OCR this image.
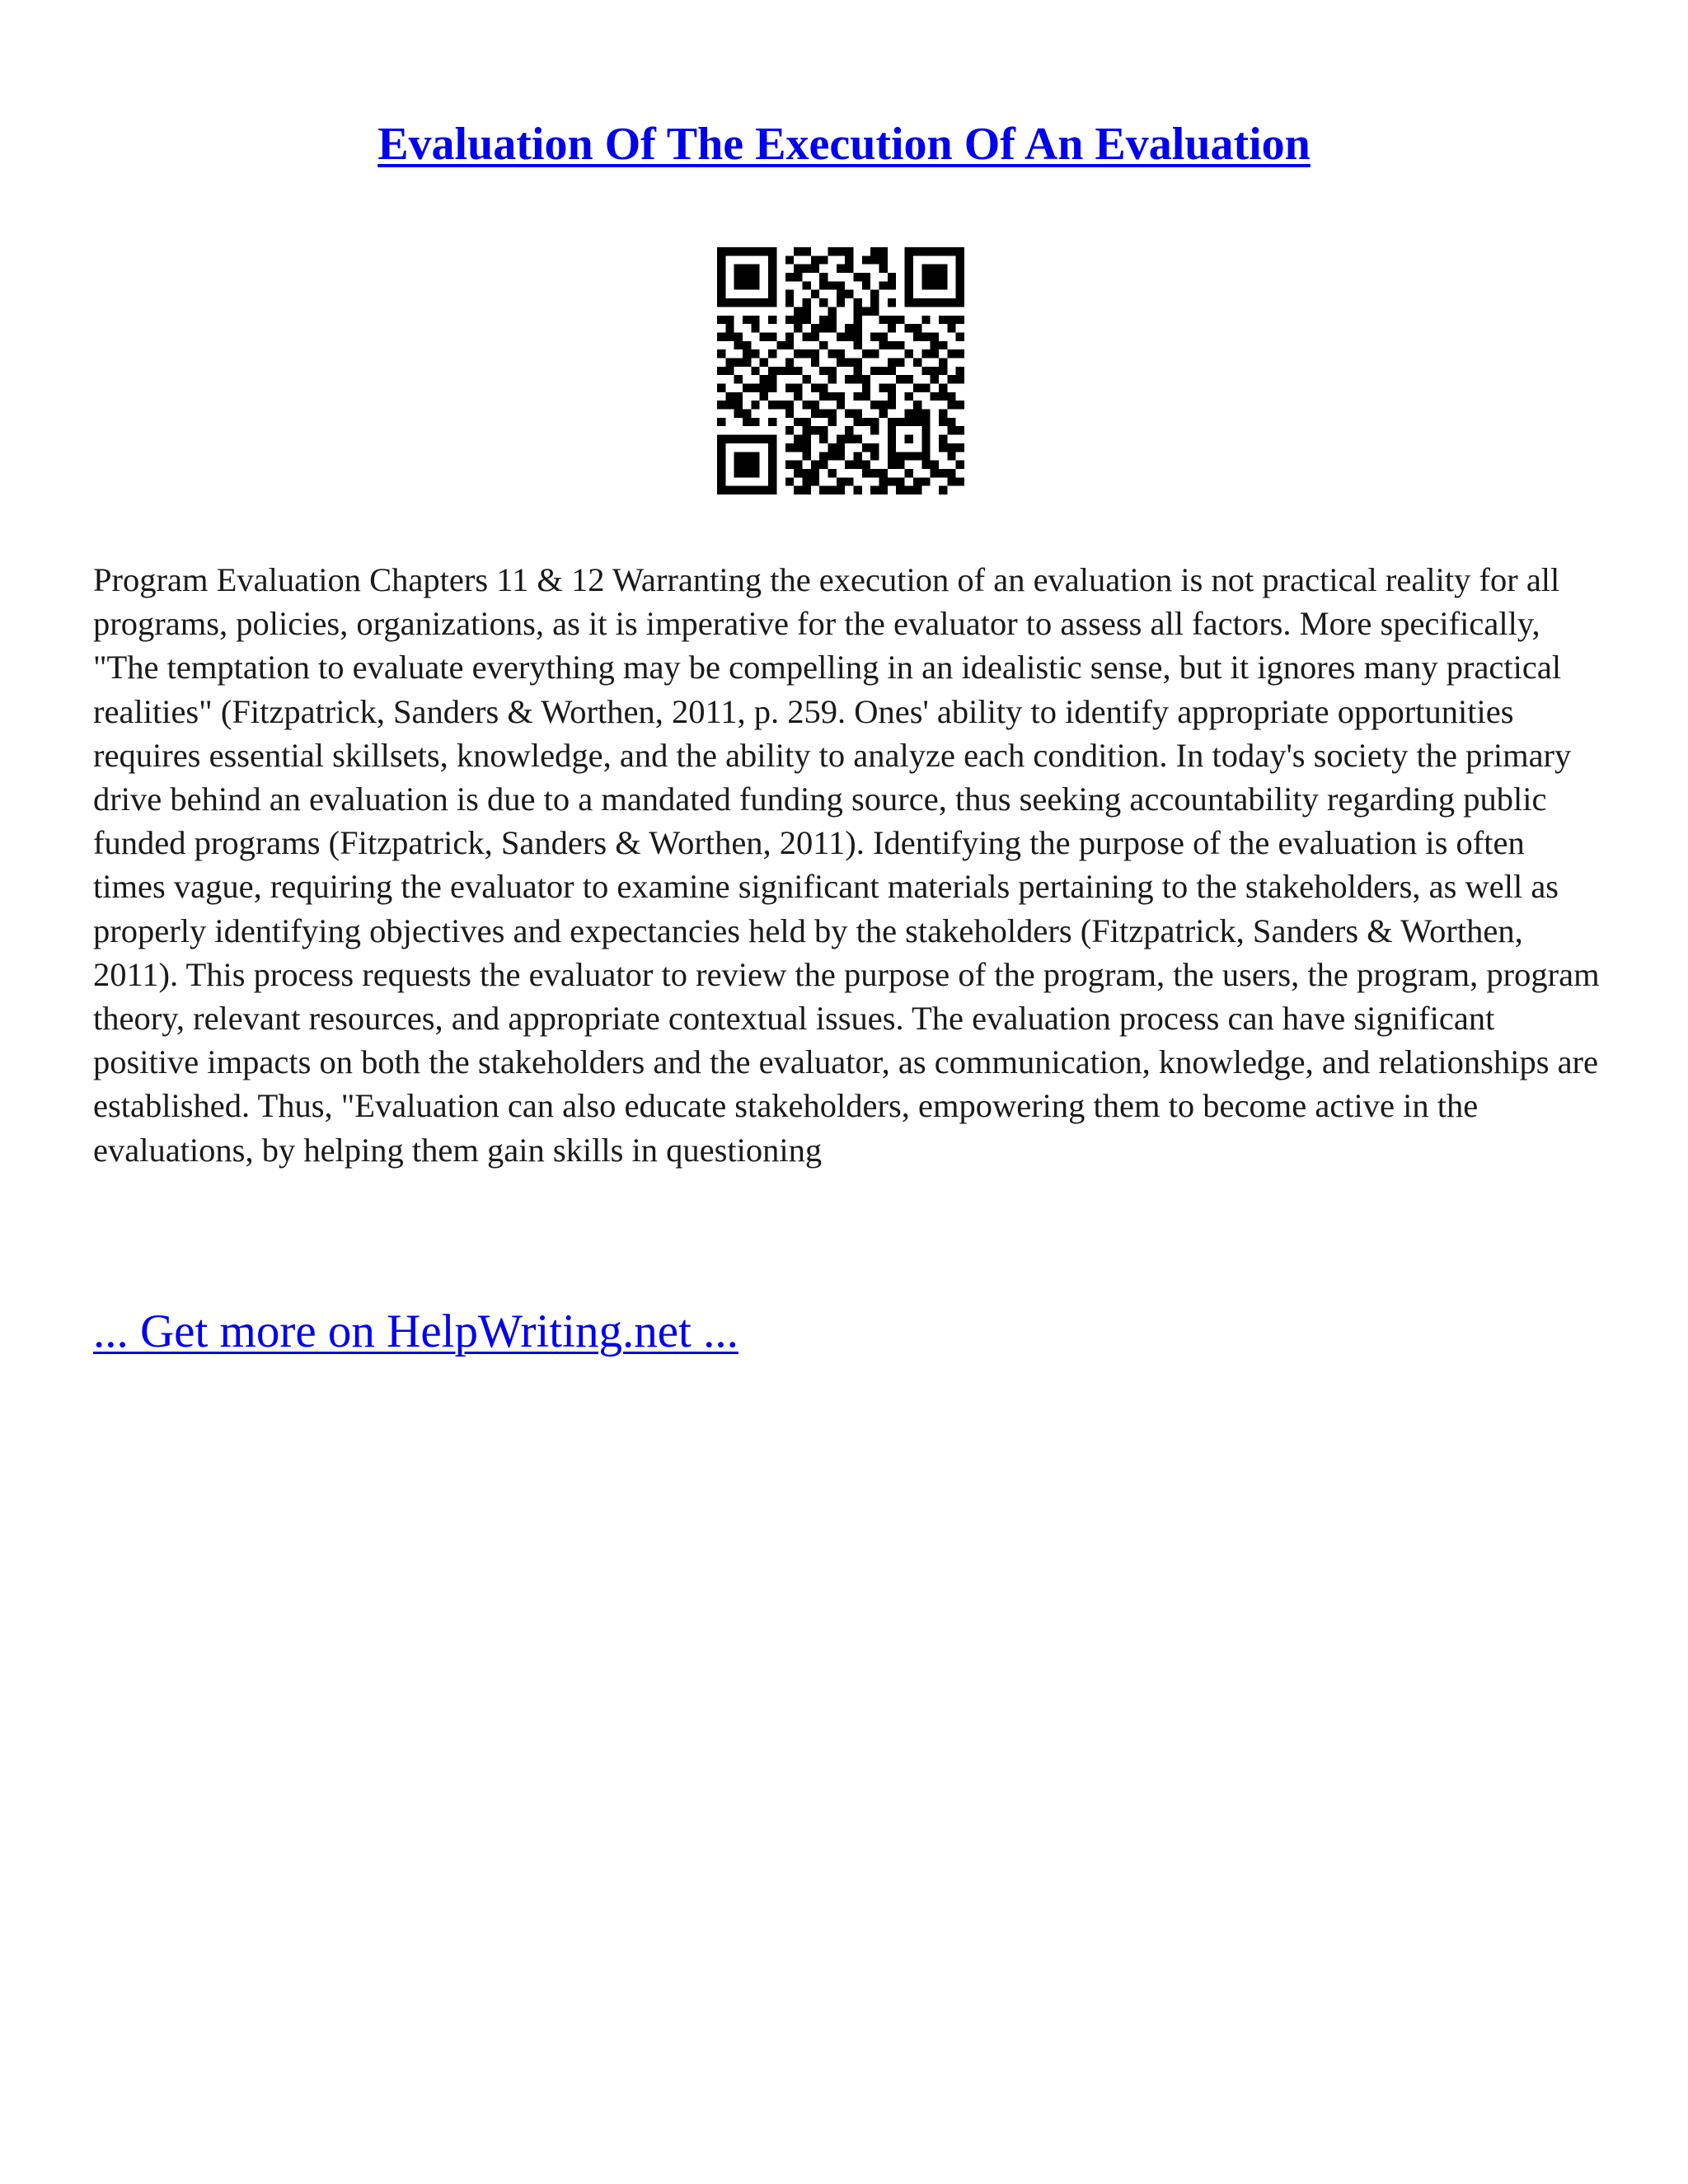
Evaluation Of The Execution Of An Evaluation

Program Evaluation Chapters 11 & 12 Warranting the execution of an evaluation is not practical reality for all programs, policies, organizations, as it is imperative for the evaluator to assess all factors. More specifically, "The temptation to evaluate everything may be compelling in an idealistic sense, but it ignores many practical realities" (Fitzpatrick, Sanders & Worthen, 2011, p. 259. Ones' ability to identify appropriate opportunities requires essential skillsets, knowledge, and the ability to analyze each condition. In today's society the primary drive behind an evaluation is due to a mandated funding source, thus seeking accountability regarding public funded programs (Fitzpatrick, Sanders & Worthen, 2011). Identifying the purpose of the evaluation is often times vague, requiring the evaluator to examine significant materials pertaining to the stakeholders, as well as properly identifying objectives and expectancies held by the stakeholders (Fitzpatrick, Sanders & Worthen, 2011). This process requests the evaluator to review the purpose of the program, the users, the program, program theory, relevant resources, and appropriate contextual issues. The evaluation process can have significant positive impacts on both the stakeholders and the evaluator, as communication, knowledge, and relationships are established. Thus, "Evaluation can also educate stakeholders, empowering them to become active in the evaluations, by helping them gain skills in questioning

... Get more on HelpWriting.net ...
